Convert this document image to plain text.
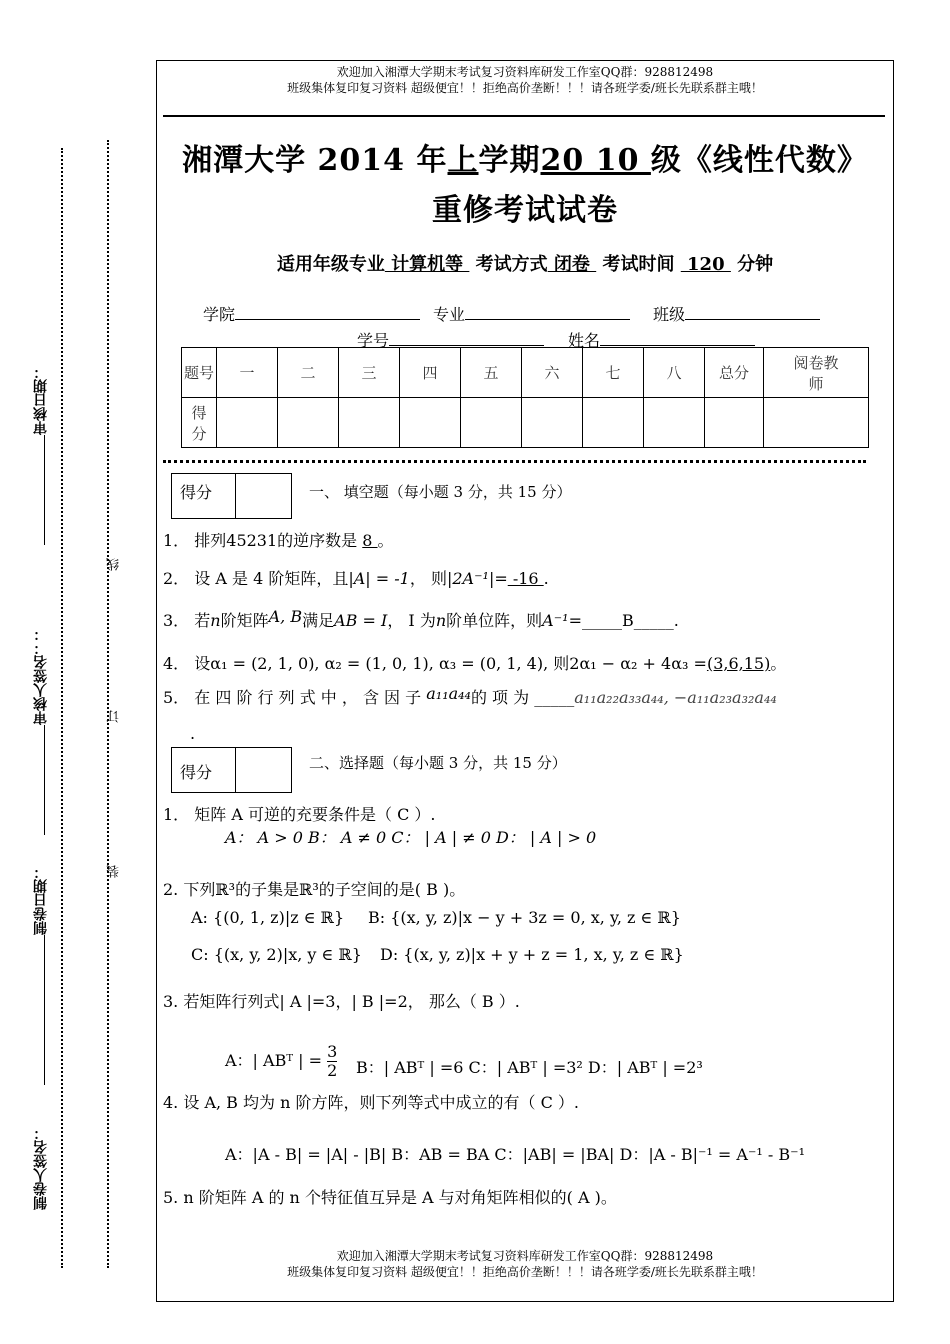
审核日期：
审核人签名：：
制卷日期：
制卷人签名：
线
订
装
欢迎加入湘潭大学期末考试复习资料库研发工作室QQ群：928812498
班级集体复印复习资料 超级便宜！！拒绝高价垄断！！！请各班学委/班长先联系群主哦！
湘潭大学 2014 年上学期20 10 级《线性代数》
重修考试试卷
适用年级专业 计算机等  考试方式 闭卷  考试时间  120  分钟
学院	专业	班级
学号	姓名
题号	一	二	三	四	五	六	七	八	总分	阅卷教师
得分										
得分	一、 填空题（每小题 3 分，共 15 分）
1． 排列45231的逆序数是 8 。
2． 设 A 是 4 阶矩阵，且|A| = -1， 则|2A⁻¹|= -16 .
3． 若n阶矩阵A, B满足AB = I， I 为n阶单位阵，则A⁻¹=_____B_____.
4． 设α₁ = (2, 1, 0), α₂ = (1, 0, 1), α₃ = (0, 1, 4), 则2α₁ − α₂ + 4α₃ =(3,6,15)。
5． 在 四 阶 行 列 式 中 ， 含 因 子 a₁₁a₄₄的 项 为 _____a₁₁a₂₂a₃₃a₄₄, −a₁₁a₂₃a₃₂a₄₄
.
得分	二、选择题（每小题 3 分，共 15 分）
1． 矩阵 A 可逆的充要条件是（ C ）.
A： A > 0 B： A ≠ 0 C： | A | ≠ 0 D： | A | > 0
2. 下列ℝ³的子集是ℝ³的子空间的是( B )。
A: {(0, 1, z)|z ∈ ℝ} B: {(x, y, z)|x − y + 3z = 0, x, y, z ∈ ℝ}
C: {(x, y, 2)|x, y ∈ ℝ} D: {(x, y, z)|x + y + z = 1, x, y, z ∈ ℝ}
3. 若矩阵行列式| A |=3，| B |=2， 那么（ B ）.
A：| ABᵀ | = $\frac{3}{2}$ B：| ABᵀ | =6 C：| ABᵀ | =3² D：| ABᵀ | =2³
4. 设 A, B 均为 n 阶方阵，则下列等式中成立的有（ C ）.
A：|A - B| = |A| - |B| B：AB = BA C：|AB| = |BA| D：|A - B|⁻¹ = A⁻¹ - B⁻¹
5. n 阶矩阵 A 的 n 个特征值互异是 A 与对角矩阵相似的( A )。
欢迎加入湘潭大学期末考试复习资料库研发工作室QQ群：928812498
班级集体复印复习资料 超级便宜！！拒绝高价垄断！！！请各班学委/班长先联系群主哦！
